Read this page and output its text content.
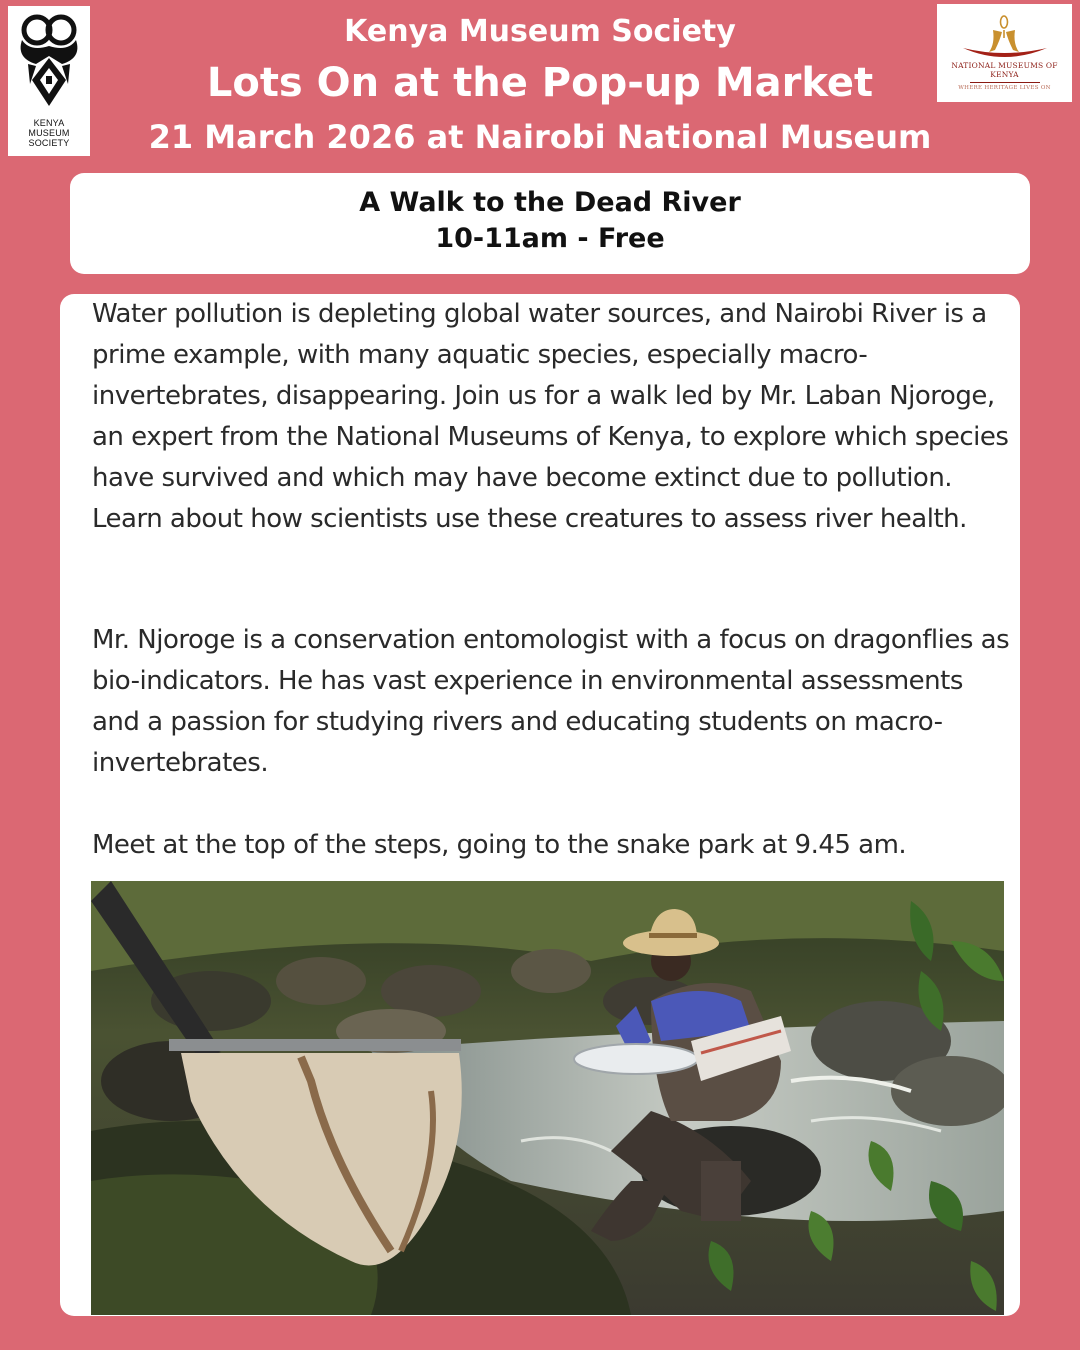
KENYA
MUSEUM
SOCIETY
NATIONAL MUSEUMS OF KENYA
WHERE HERITAGE LIVES ON
Kenya Museum Society
Lots On at the Pop-up Market
21 March 2026 at Nairobi National Museum
A Walk to the Dead River
10-11am - Free

Water pollution is depleting global water sources, and Nairobi River is a prime example, with many aquatic species, especially macro-invertebrates, disappearing. Join us for a walk led by Mr. Laban Njoroge, an expert from the National Museums of Kenya, to explore which species have survived and which may have become extinct due to pollution. Learn about how scientists use these creatures to assess river health.

Mr. Njoroge is a conservation entomologist with a focus on dragonflies as bio-indicators. He has vast experience in environmental assessments and a passion for studying rivers and educating students on macro-invertebrates.

Meet at the top of the steps, going to the snake park at 9.45 am.
